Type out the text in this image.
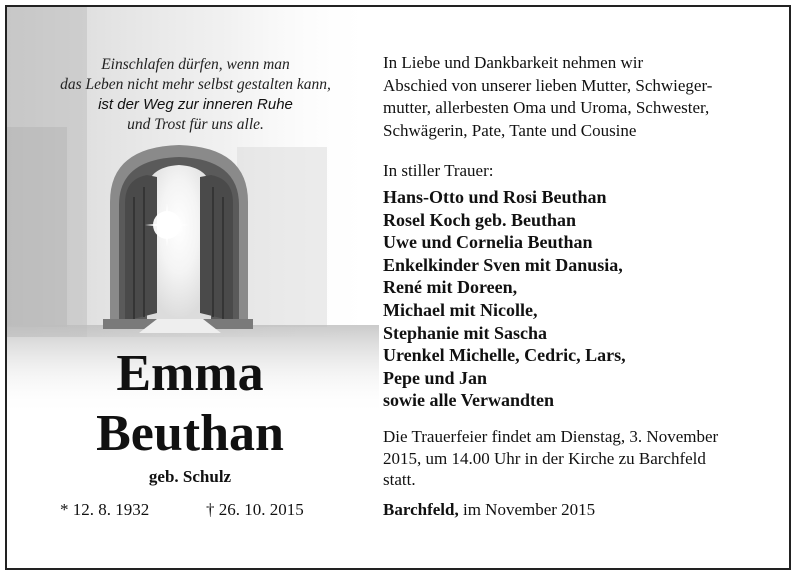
Einschlafen dürfen, wenn man
das Leben nicht mehr selbst gestalten kann,
ist der Weg zur inneren Ruhe
und Trost für uns alle.
Emma
Beuthan
geb. Schulz
* 12. 8. 1932	† 26. 10. 2015
In Liebe und Dankbarkeit nehmen wir
Abschied von unserer lieben Mutter, Schwieger-
mutter, allerbesten Oma und Uroma, Schwester,
Schwägerin, Pate, Tante und Cousine
In stiller Trauer:
Hans-Otto und Rosi Beuthan
Rosel Koch geb. Beuthan
Uwe und Cornelia Beuthan
Enkelkinder Sven mit Danusia,
René mit Doreen,
Michael mit Nicolle,
Stephanie mit Sascha
Urenkel Michelle, Cedric, Lars,
Pepe und Jan
sowie alle Verwandten
Die Trauerfeier findet am Dienstag, 3. November
2015, um 14.00 Uhr in der Kirche zu Barchfeld
statt.
Barchfeld, im November 2015
